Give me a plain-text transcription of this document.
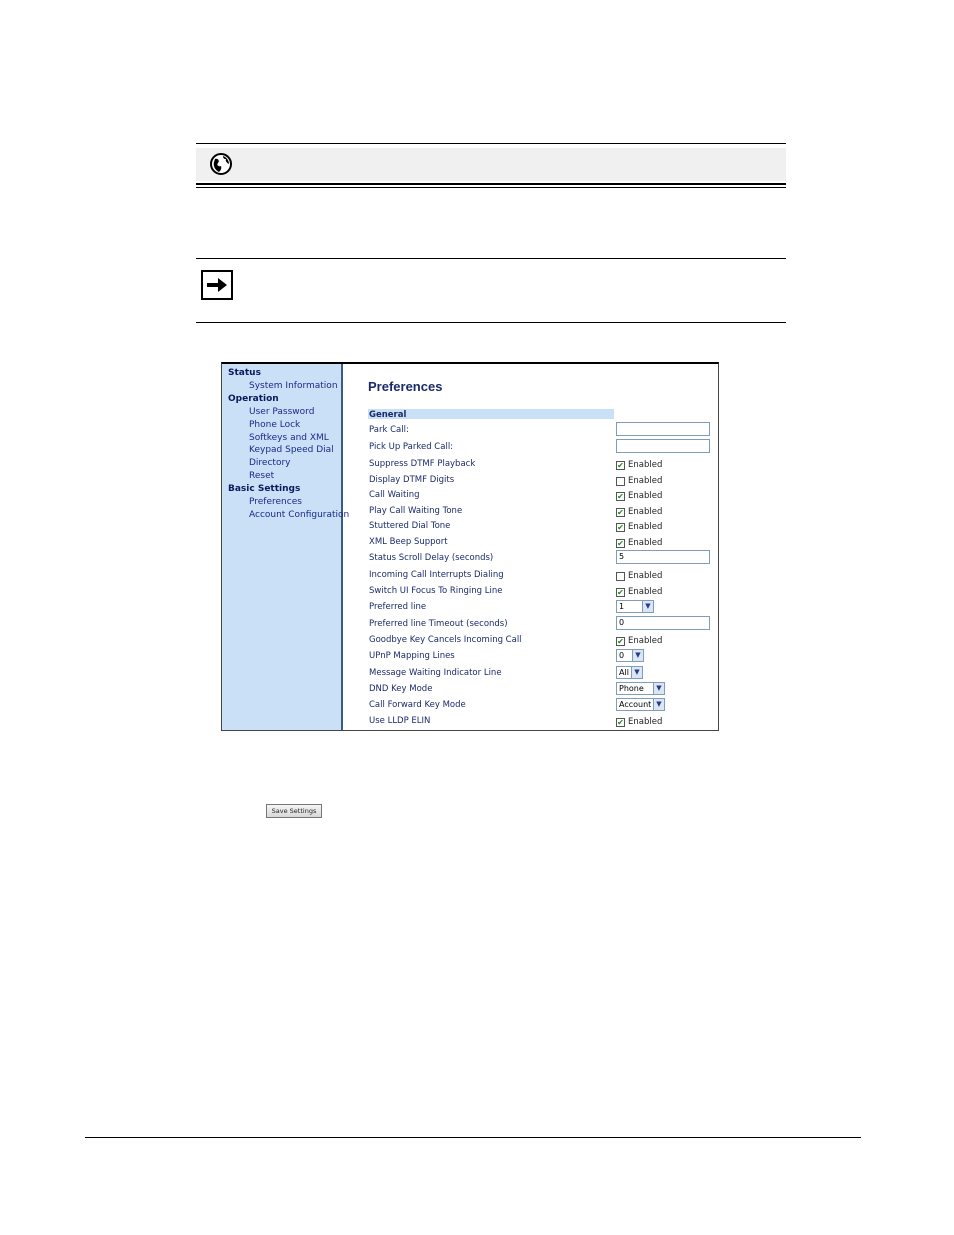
Status
System Information
Operation
User Password
Phone Lock
Softkeys and XML
Keypad Speed Dial
Directory
Reset
Basic Settings
Preferences
Account Configuration
Preferences
General
Park Call:
Pick Up Parked Call:
Suppress DTMF Playback	✔ Enabled
Display DTMF Digits	Enabled
Call Waiting	✔ Enabled
Play Call Waiting Tone	✔ Enabled
Stuttered Dial Tone	✔ Enabled
XML Beep Support	✔ Enabled
Status Scroll Delay (seconds)	5
Incoming Call Interrupts Dialing	Enabled
Switch UI Focus To Ringing Line	✔ Enabled
Preferred line	1	▼
Preferred line Timeout (seconds)	0
Goodbye Key Cancels Incoming Call	✔ Enabled
UPnP Mapping Lines	0	▼
Message Waiting Indicator Line	All ▼
DND Key Mode	Phone	▼
Call Forward Key Mode	Account ▼
Use LLDP ELIN	✔ Enabled
Save Settings
